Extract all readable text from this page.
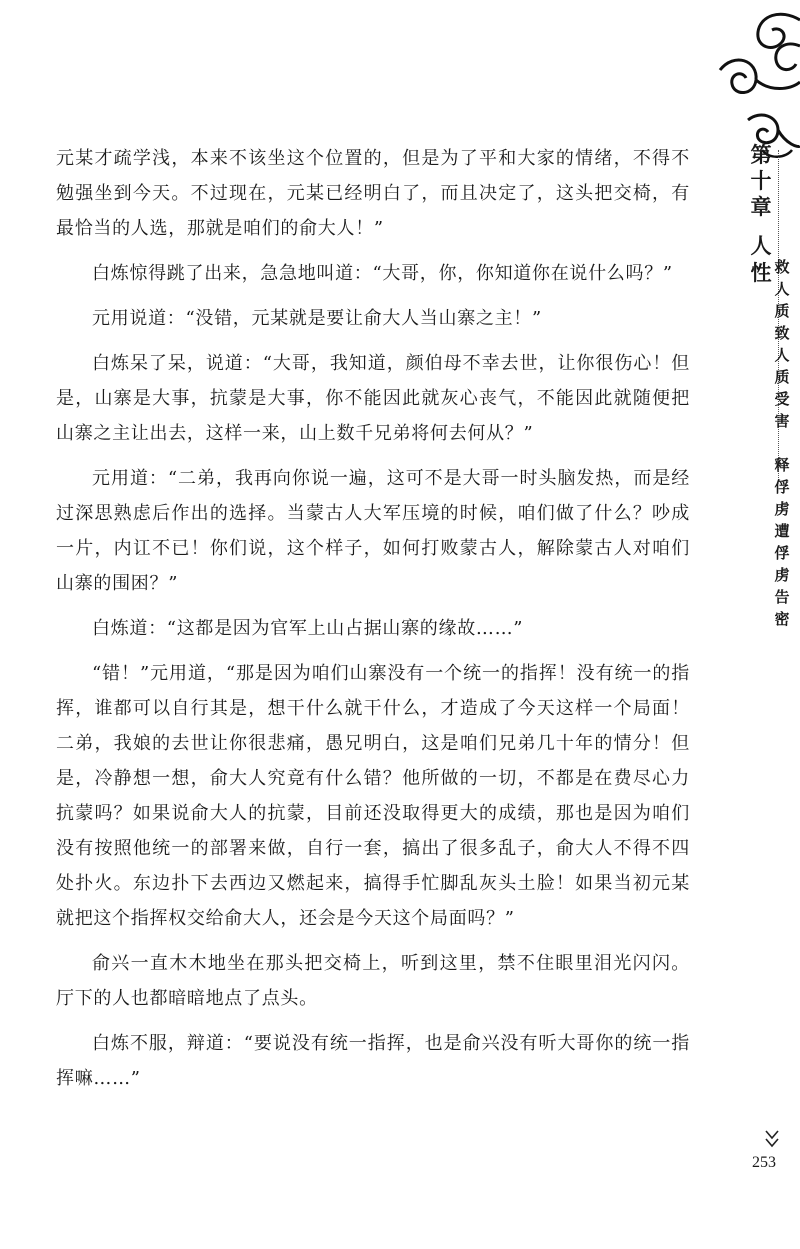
元某才疏学浅，本来不该坐这个位置的，但是为了平和大家的情绪，不得不勉强坐到今天。不过现在，元某已经明白了，而且决定了，这头把交椅，有最恰当的人选，那就是咱们的俞大人！”

白炼惊得跳了出来，急急地叫道：“大哥，你，你知道你在说什么吗？”

元用说道：“没错，元某就是要让俞大人当山寨之主！”

白炼呆了呆，说道：“大哥，我知道，颜伯母不幸去世，让你很伤心！但是，山寨是大事，抗蒙是大事，你不能因此就灰心丧气，不能因此就随便把山寨之主让出去，这样一来，山上数千兄弟将何去何从？”

元用道：“二弟，我再向你说一遍，这可不是大哥一时头脑发热，而是经过深思熟虑后作出的选择。当蒙古人大军压境的时候，咱们做了什么？吵成一片，内讧不已！你们说，这个样子，如何打败蒙古人，解除蒙古人对咱们山寨的围困？”

白炼道：“这都是因为官军上山占据山寨的缘故……”

“错！”元用道，“那是因为咱们山寨没有一个统一的指挥！没有统一的指挥，谁都可以自行其是，想干什么就干什么，才造成了今天这样一个局面！二弟，我娘的去世让你很悲痛，愚兄明白，这是咱们兄弟几十年的情分！但是，冷静想一想，俞大人究竟有什么错？他所做的一切，不都是在费尽心力抗蒙吗？如果说俞大人的抗蒙，目前还没取得更大的成绩，那也是因为咱们没有按照他统一的部署来做，自行一套，搞出了很多乱子，俞大人不得不四处扑火。东边扑下去西边又燃起来，搞得手忙脚乱灰头土脸！如果当初元某就把这个指挥权交给俞大人，还会是今天这个局面吗？”

俞兴一直木木地坐在那头把交椅上，听到这里，禁不住眼里泪光闪闪。厅下的人也都暗暗地点了点头。

白炼不服，辩道：“要说没有统一指挥，也是俞兴没有听大哥你的统一指挥嘛……”

第十章
人性 救人质致人质受害
释俘虏遭俘虏告密
253
